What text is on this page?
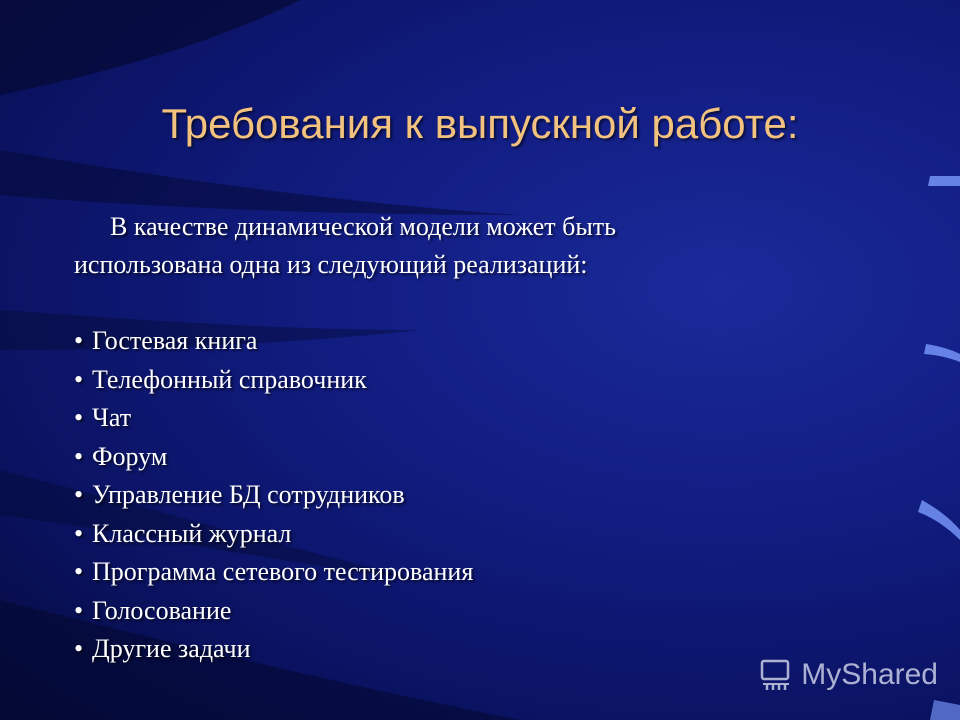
Требования к выпускной работе:
В качестве динамической модели может быть
использована одна из следующий реализаций:
• Гостевая книга
• Телефонный справочник
• Чат
• Форум
• Управление БД сотрудников
• Классный журнал
• Программа сетевого тестирования
• Голосование
• Другие задачи
MyShared
